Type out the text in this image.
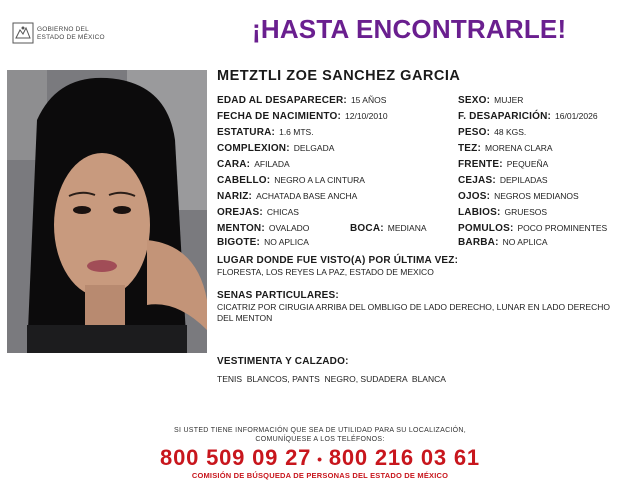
GOBIERNO DEL
ESTADO DE MÉXICO	¡HASTA ENCONTRARLE!
METZTLI ZOE SANCHEZ GARCIA
EDAD AL DESAPARECER: 15 AÑOS
FECHA DE NACIMIENTO: 12/10/2010
ESTATURA: 1.6 MTS.
COMPLEXION: DELGADA
CARA: AFILADA
CABELLO: NEGRO A LA CINTURA
NARIZ: ACHATADA BASE ANCHA
OREJAS: CHICAS
MENTON: OVALADO	BOCA: MEDIANA
BIGOTE: NO APLICA
SEXO: MUJER
F. DESAPARICIÓN: 16/01/2026
PESO: 48 KGS.
TEZ: MORENA CLARA
FRENTE: PEQUEÑA
CEJAS: DEPILADAS
OJOS: NEGROS MEDIANOS
LABIOS: GRUESOS
POMULOS: POCO PROMINENTES
BARBA: NO APLICA
LUGAR DONDE FUE VISTO(A) POR ÚLTIMA VEZ:
FLORESTA, LOS REYES LA PAZ, ESTADO DE MEXICO
SENAS PARTICULARES:
CICATRIZ POR CIRUGIA ARRIBA DEL OMBLIGO DE LADO DERECHO, LUNAR EN LADO DERECHO DEL MENTON
VESTIMENTA Y CALZADO:
TENIS  BLANCOS, PANTS  NEGRO, SUDADERA  BLANCA
SI USTED TIENE INFORMACIÓN QUE SEA DE UTILIDAD PARA SU LOCALIZACIÓN,
COMUNÍQUESE A LOS TELÉFONOS:
800 509 09 27 • 800 216 03 61
COMISIÓN DE BÚSQUEDA DE PERSONAS DEL ESTADO DE MÉXICO
